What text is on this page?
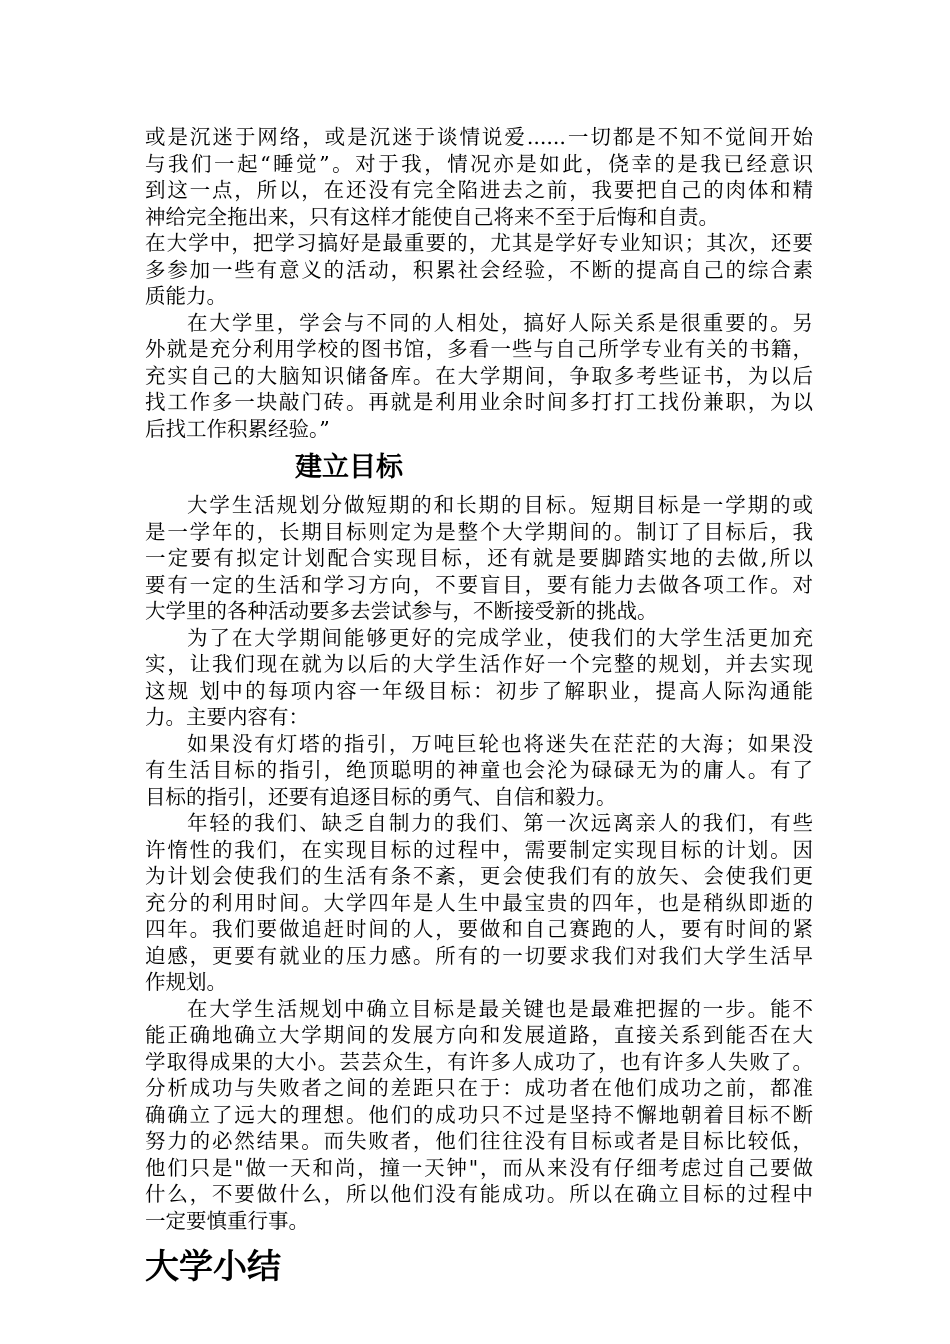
或是沉迷于网络，或是沉迷于谈情说爱......一切都是不知不觉间开始
与我们一起“睡觉”。对于我，情况亦是如此，侥幸的是我已经意识
到这一点，所以，在还没有完全陷进去之前，我要把自己的肉体和精
神给完全拖出来，只有这样才能使自己将来不至于后悔和自责。
在大学中，把学习搞好是最重要的，尤其是学好专业知识；其次，还要
多参加一些有意义的活动，积累社会经验，不断的提高自己的综合素
质能力。
在大学里，学会与不同的人相处，搞好人际关系是很重要的。另
外就是充分利用学校的图书馆，多看一些与自己所学专业有关的书籍，
充实自己的大脑知识储备库。在大学期间，争取多考些证书，为以后
找工作多一块敲门砖。再就是利用业余时间多打打工找份兼职，为以
后找工作积累经验。”
建立目标
大学生活规划分做短期的和长期的目标。短期目标是一学期的或
是一学年的，长期目标则定为是整个大学期间的。制订了目标后，我
一定要有拟定计划配合实现目标，还有就是要脚踏实地的去做,所以
要有一定的生活和学习方向，不要盲目，要有能力去做各项工作。对
大学里的各种活动要多去尝试参与，不断接受新的挑战。
为了在大学期间能够更好的完成学业，使我们的大学生活更加充
实，让我们现在就为以后的大学生活作好一个完整的规划，并去实现
这规 划中的每项内容一年级目标：初步了解职业，提高人际沟通能
力。主要内容有：
如果没有灯塔的指引，万吨巨轮也将迷失在茫茫的大海；如果没
有生活目标的指引，绝顶聪明的神童也会沦为碌碌无为的庸人。有了
目标的指引，还要有追逐目标的勇气、自信和毅力。
年轻的我们、缺乏自制力的我们、第一次远离亲人的我们，有些
许惰性的我们，在实现目标的过程中，需要制定实现目标的计划。因
为计划会使我们的生活有条不紊，更会使我们有的放矢、会使我们更
充分的利用时间。大学四年是人生中最宝贵的四年，也是稍纵即逝的
四年。我们要做追赶时间的人，要做和自己赛跑的人，要有时间的紧
迫感，更要有就业的压力感。所有的一切要求我们对我们大学生活早
作规划。
在大学生活规划中确立目标是最关键也是最难把握的一步。能不
能正确地确立大学期间的发展方向和发展道路，直接关系到能否在大
学取得成果的大小。芸芸众生，有许多人成功了，也有许多人失败了。
分析成功与失败者之间的差距只在于：成功者在他们成功之前，都准
确确立了远大的理想。他们的成功只不过是坚持不懈地朝着目标不断
努力的必然结果。而失败者，他们往往没有目标或者是目标比较低，
他们只是"做一天和尚，撞一天钟"，而从来没有仔细考虑过自己要做
什么，不要做什么，所以他们没有能成功。所以在确立目标的过程中
一定要慎重行事。
大学小结
